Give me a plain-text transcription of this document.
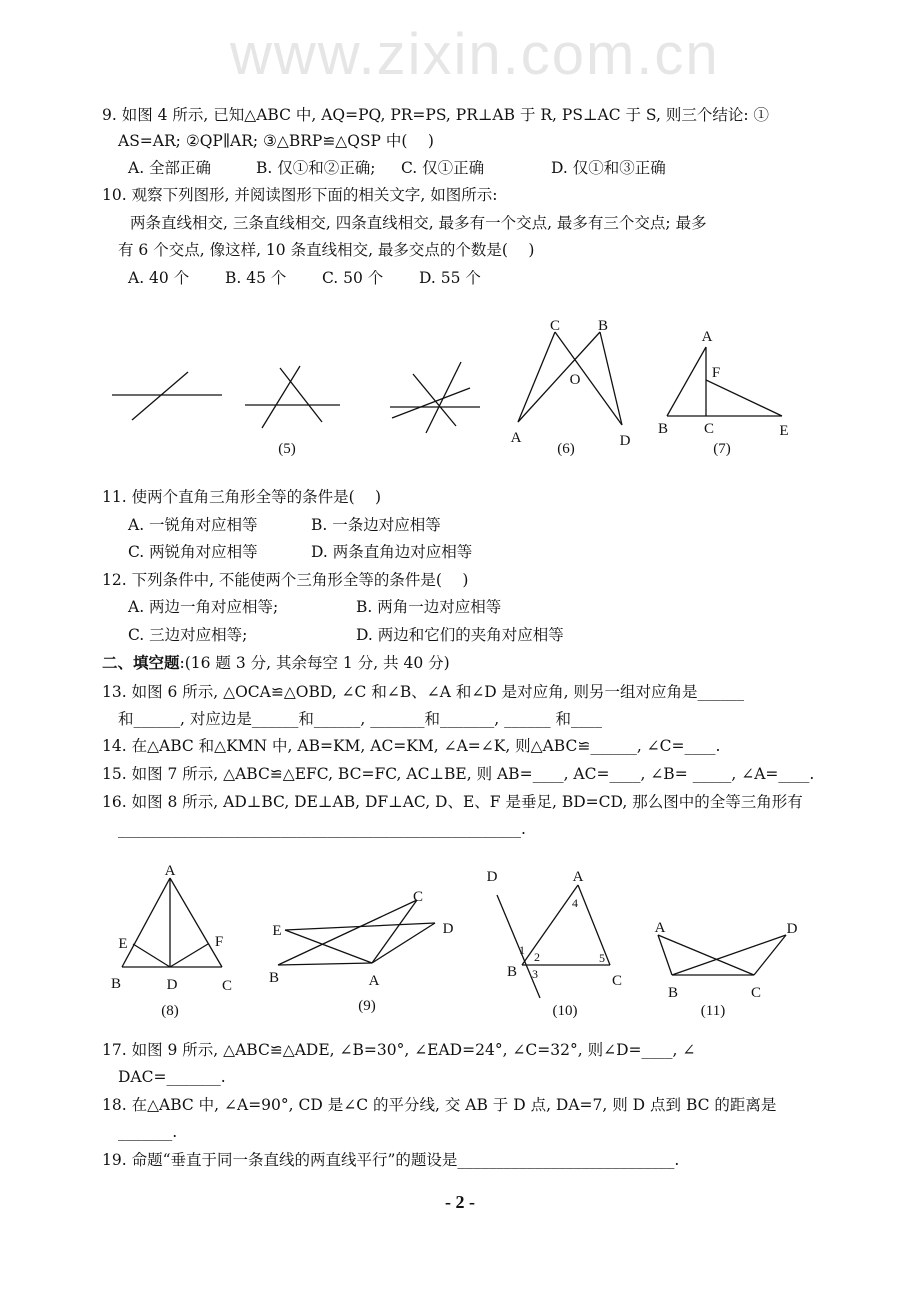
www.zixin.com.cn
9. 如图 4 所示, 已知△ABC 中, AQ=PQ, PR=PS, PR⊥AB 于 R, PS⊥AC 于 S, 则三个结论: ①
AS=AR; ②QP∥AR; ③△BRP≌△QSP 中(　 )
A. 全部正确	B. 仅①和②正确; C. 仅①正确	D. 仅①和③正确
10. 观察下列图形, 并阅读图形下面的相关文字, 如图所示:
两条直线相交, 三条直线相交, 四条直线相交, 最多有一个交点, 最多有三个交点; 最多
有 6 个交点, 像这样, 10 条直线相交, 最多交点的个数是(　 )
A. 40 个 B. 45 个 C. 50 个 D. 55 个
(5)
C	B
O
A	D
(6)
A
F
B C	E
(7)
A
E	F
B	D	C
(8)
C
E	D
B	A
(9)
D	A
4
1 2	5
B 3	C
(10)
A	D
B	C
(11)
11. 使两个直角三角形全等的条件是(　 )
A. 一锐角对应相等	B. 一条边对应相等
C. 两锐角对应相等	D. 两条直角边对应相等
12. 下列条件中, 不能使两个三角形全等的条件是(　 )
A. 两边一角对应相等;	B. 两角一边对应相等
C. 三边对应相等;	D. 两边和它们的夹角对应相等
二、填空题:(16 题 3 分, 其余每空 1 分, 共 40 分)
13. 如图 6 所示, △OCA≌△OBD, ∠C 和∠B、∠A 和∠D 是对应角, 则另一组对应角是______
和______, 对应边是______和______, _______和_______, ______ 和____
14. 在△ABC 和△KMN 中, AB=KM, AC=KM, ∠A=∠K, 则△ABC≌______, ∠C=____.
15. 如图 7 所示, △ABC≌△EFC, BC=FC, AC⊥BE, 则 AB=____, AC=____, ∠B= _____, ∠A=____.
16. 如图 8 所示, AD⊥BC, DE⊥AB, DF⊥AC, D、E、F 是垂足, BD=CD, 那么图中的全等三角形有
____________________________________________________.
17. 如图 9 所示, △ABC≌△ADE, ∠B=30°, ∠EAD=24°, ∠C=32°, 则∠D=____, ∠
DAC=_______.
18. 在△ABC 中, ∠A=90°, CD 是∠C 的平分线, 交 AB 于 D 点, DA=7, 则 D 点到 BC 的距离是
_______.
19. 命题“垂直于同一条直线的两直线平行”的题设是____________________________.
- 2 -
